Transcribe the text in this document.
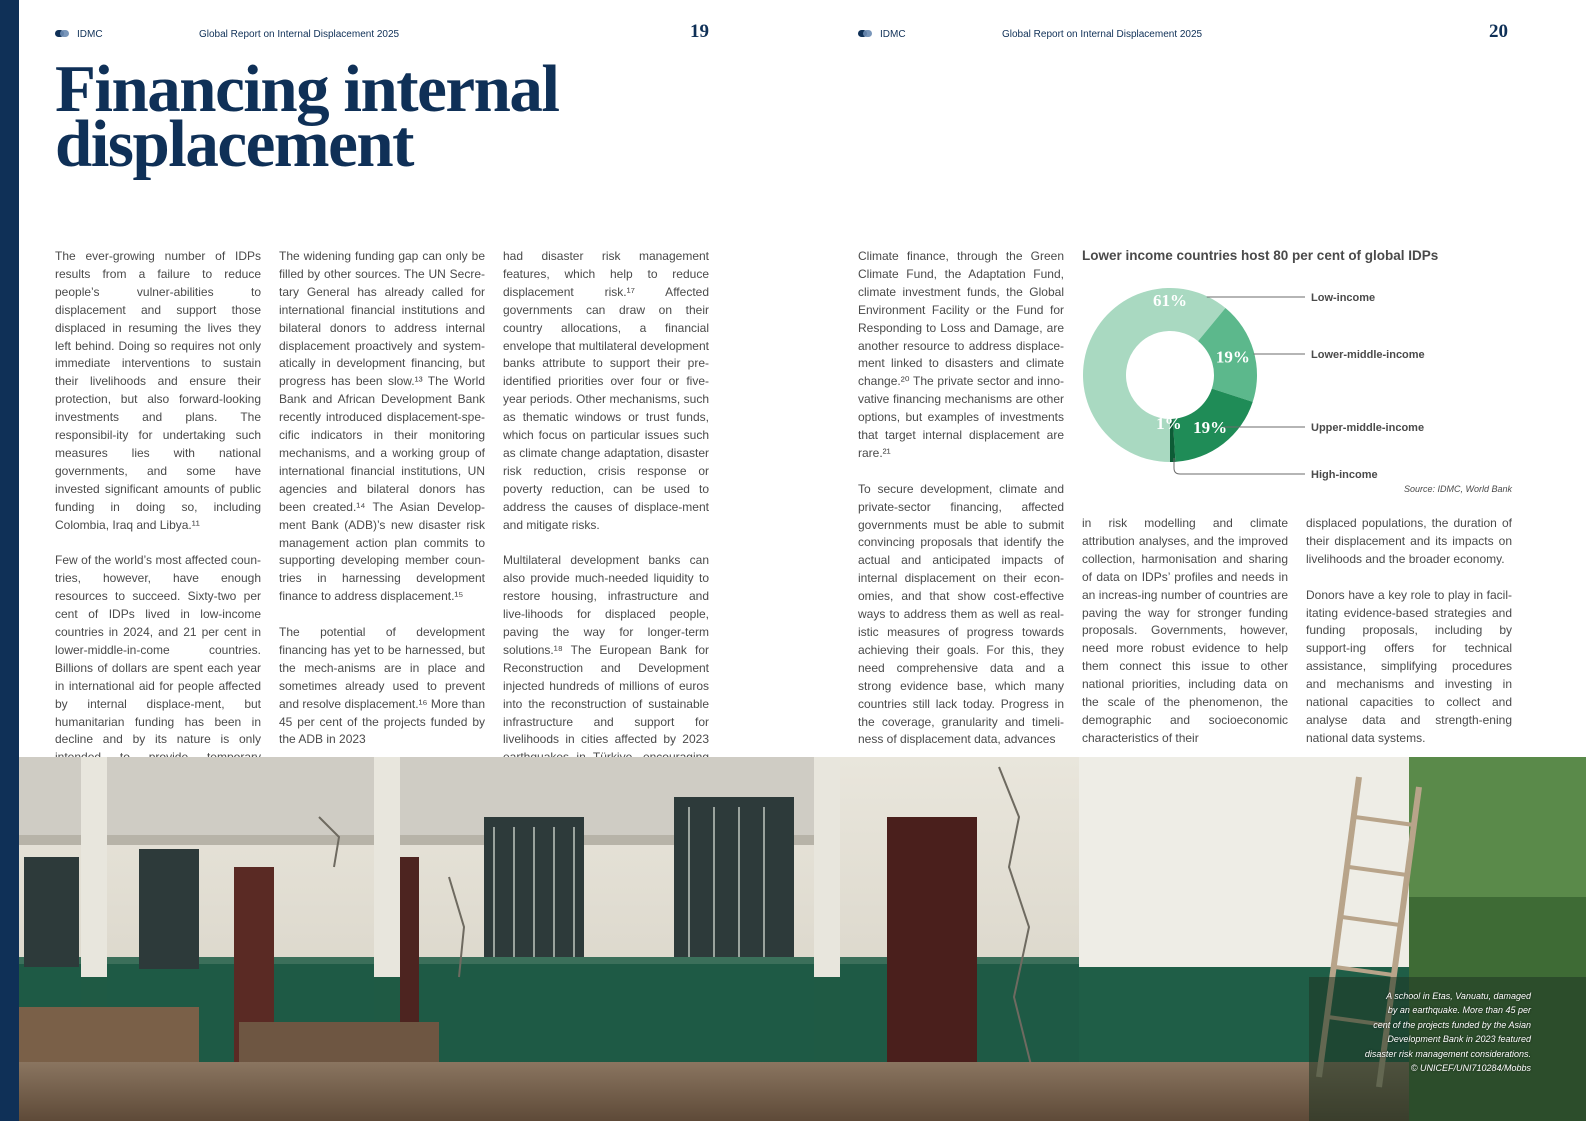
IDMC	Global Report on Internal Displacement 2025	19	IDMC	Global Report on Internal Displacement 2025	20
Financing internal
displacement

The ever-growing number of IDPs results from a failure to reduce people’s vulner-abilities to displacement and support those displaced in resuming the lives they left behind. Doing so requires not only immediate interventions to sustain their livelihoods and ensure their protection, but also forward-looking investments and plans. The responsibil-ity for undertaking such measures lies with national governments, and some have invested significant amounts of public funding in doing so, including Colombia, Iraq and Libya.¹¹

Few of the world’s most affected coun-tries, however, have enough resources to succeed. Sixty-two per cent of IDPs lived in low-income countries in 2024, and 21 per cent in lower-middle-in-come countries. Billions of dollars are spent each year in international aid for people affected by internal displace-ment, but humanitarian funding has been in decline and by its nature is only

The widening funding gap can only be filled by other sources. The UN Secre-tary General has already called for international financial institutions and bilateral donors to address internal displacement proactively and system-atically in development financing, but progress has been slow.¹³ The World Bank and African Development Bank recently introduced displacement-spe-cific indicators in their monitoring mechanisms, and a working group of international financial institutions, UN agencies and bilateral donors has been created.¹⁴ The Asian Develop-ment Bank (ADB)’s new disaster risk management action plan commits to supporting developing member coun-tries in harnessing development finance to address displacement.¹⁵

The potential of development financing has yet to be harnessed, but the mech-anisms are in place and sometimes already used to prevent and resolve displacement.¹⁶ More than 45 per cent of the projects funded by the ADB in 2023

had disaster risk management features, which help to reduce displacement risk.¹⁷ Affected governments can draw on their country allocations, a financial envelope that multilateral development banks attribute to support their pre-identified priorities over four or five-year periods. Other mechanisms, such as thematic windows or trust funds, which focus on particular issues such as climate change adaptation, disaster risk reduction, crisis response or poverty reduction, can be used to address the causes of displace-ment and mitigate risks.

Multilateral development banks can also provide much-needed liquidity to restore housing, infrastructure and live-lihoods for displaced people, paving the way for longer-term solutions.¹⁸ The European Bank for Reconstruction and Development injected hundreds of millions of euros into the reconstruction of sustainable infrastructure and support for livelihoods in cities affected by 2023

Climate finance, through the Green Climate Fund, the Adaptation Fund, climate investment funds, the Global Environment Facility or the Fund for Responding to Loss and Damage, are another resource to address displace-ment linked to disasters and climate change.²⁰ The private sector and inno-vative financing mechanisms are other options, but examples of investments that target internal displacement are rare.²¹

To secure development, climate and private-sector financing, affected governments must be able to submit convincing proposals that identify the actual and anticipated impacts of internal displacement on their econ-omies, and that show cost-effective ways to address them as well as real-istic measures of progress towards achieving their goals. For this, they need comprehensive data and a strong evidence base, which many countries still lack today. Progress in the coverage, granularity and timeli-ness of displacement data, advances

in risk modelling and climate attribution analyses, and the improved collection, harmonisation and sharing of data on IDPs’ profiles and needs in an increas-ing number of countries are paving the way for stronger funding proposals. Governments, however, need more robust evidence to help them connect this issue to other national priorities, including data on the scale of the phenomenon, the demographic and socioeconomic characteristics of their

displaced populations, the duration of their displacement and its impacts on livelihoods and the broader economy.

Donors have a key role to play in facil-itating evidence-based strategies and funding proposals, including by support-ing offers for technical assistance, simplifying procedures and mechanisms and investing in national capacities to collect and analyse data and strength-ening national data systems.

Lower income countries host 80 per cent of global IDPs
61%
19%
19%
1%
Low-income
Lower-middle-income
Upper-middle-income
High-income
Source: IDMC, World Bank
A school in Etas, Vanuatu, damaged
by an earthquake. More than 45 per
cent of the projects funded by the Asian
Development Bank in 2023 featured
disaster risk management considerations.
© UNICEF/UNI710284/Mobbs
